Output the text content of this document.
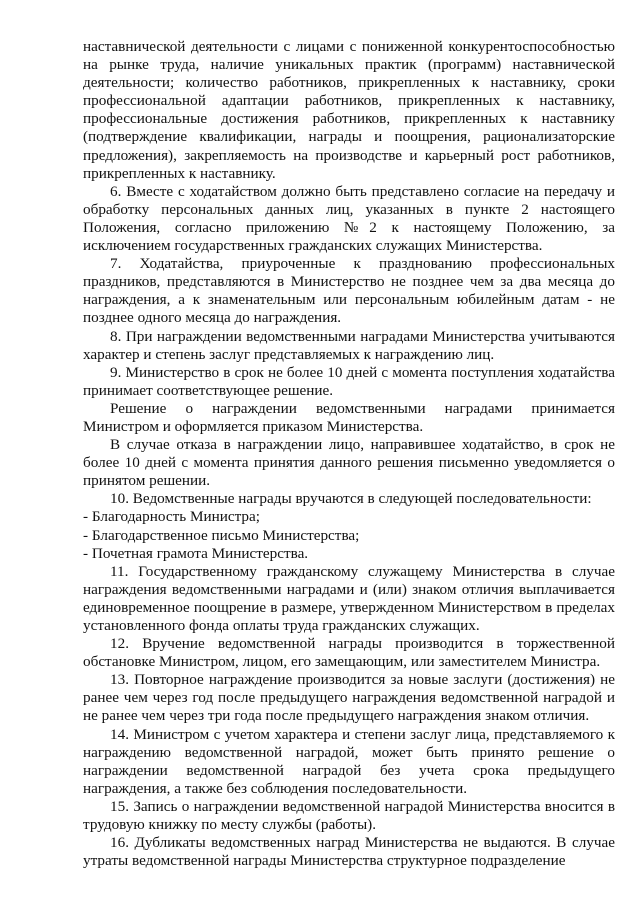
наставнической деятельности с лицами с пониженной конкурентоспособностью на рынке труда, наличие уникальных практик (программ) наставнической деятельности; количество работников, прикрепленных к наставнику, сроки профессиональной адаптации работников, прикрепленных к наставнику, профессиональные достижения работников, прикрепленных к наставнику (подтверждение квалификации, награды и поощрения, рационализаторские предложения), закрепляемость на производстве и карьерный рост работников, прикрепленных к наставнику.

6. Вместе с ходатайством должно быть представлено согласие на передачу и обработку персональных данных лиц, указанных в пункте 2 настоящего Положения, согласно приложению №2 к настоящему Положению, за исключением государственных гражданских служащих Министерства.

7. Ходатайства, приуроченные к празднованию профессиональных праздников, представляются в Министерство не позднее чем за два месяца до награждения, а к знаменательным или персональным юбилейным датам - не позднее одного месяца до награждения.

8. При награждении ведомственными наградами Министерства учитываются характер и степень заслуг представляемых к награждению лиц.

9. Министерство в срок не более 10 дней с момента поступления ходатайства принимает соответствующее решение.

Решение о награждении ведомственными наградами принимается Министром и оформляется приказом Министерства.

В случае отказа в награждении лицо, направившее ходатайство, в срок не более 10 дней с момента принятия данного решения письменно уведомляется о принятом решении.

10. Ведомственные награды вручаются в следующей последовательности:

- Благодарность Министра;

- Благодарственное письмо Министерства;

- Почетная грамота Министерства.

11. Государственному гражданскому служащему Министерства в случае награждения ведомственными наградами и (или) знаком отличия выплачивается единовременное поощрение в размере, утвержденном Министерством в пределах установленного фонда оплаты труда гражданских служащих.

12. Вручение ведомственной награды производится в торжественной обстановке Министром, лицом, его замещающим, или заместителем Министра.

13. Повторное награждение производится за новые заслуги (достижения) не ранее чем через год после предыдущего награждения ведомственной наградой и не ранее чем через три года после предыдущего награждения знаком отличия.

14. Министром с учетом характера и степени заслуг лица, представляемого к награждению ведомственной наградой, может быть принято решение о награждении ведомственной наградой без учета срока предыдущего награждения, а также без соблюдения последовательности.

15. Запись о награждении ведомственной наградой Министерства вносится в трудовую книжку по месту службы (работы).

16. Дубликаты ведомственных наград Министерства не выдаются. В случае утраты ведомственной награды Министерства структурное подразделение
